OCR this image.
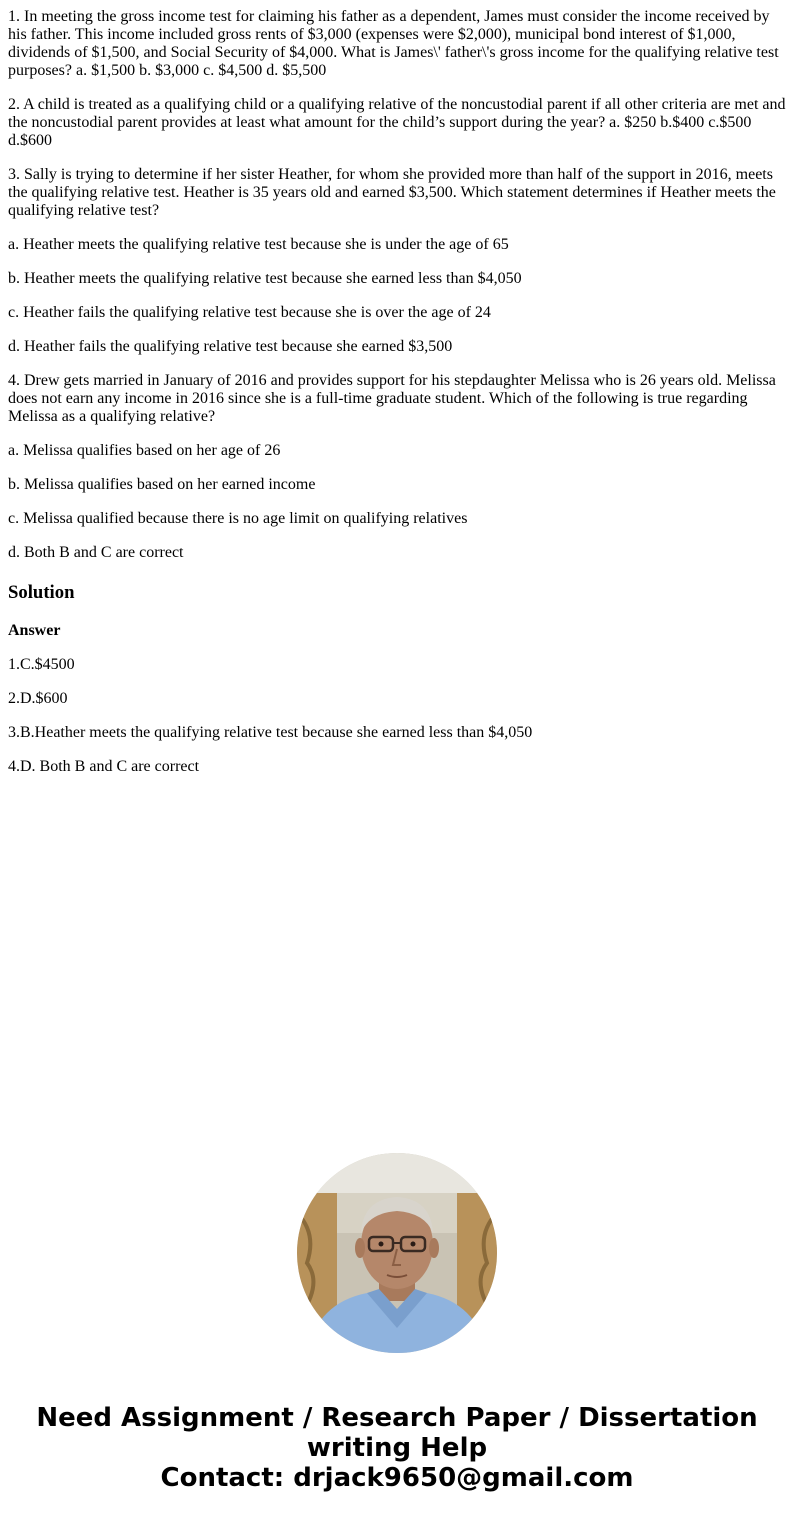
1. In meeting the gross income test for claiming his father as a dependent, James must consider the income received by his father. This income included gross rents of $3,000 (expenses were $2,000), municipal bond interest of $1,000, dividends of $1,500, and Social Security of $4,000. What is James\' father\'s gross income for the qualifying relative test purposes? a. $1,500 b. $3,000 c. $4,500 d. $5,500

2. A child is treated as a qualifying child or a qualifying relative of the noncustodial parent if all other criteria are met and the noncustodial parent provides at least what amount for the child’s support during the year? a. $250 b.$400 c.$500 d.$600

3. Sally is trying to determine if her sister Heather, for whom she provided more than half of the support in 2016, meets the qualifying relative test. Heather is 35 years old and earned $3,500. Which statement determines if Heather meets the qualifying relative test?

a. Heather meets the qualifying relative test because she is under the age of 65

b. Heather meets the qualifying relative test because she earned less than $4,050

c. Heather fails the qualifying relative test because she is over the age of 24

d. Heather fails the qualifying relative test because she earned $3,500

4. Drew gets married in January of 2016 and provides support for his stepdaughter Melissa who is 26 years old. Melissa does not earn any income in 2016 since she is a full-time graduate student. Which of the following is true regarding Melissa as a qualifying relative?

a. Melissa qualifies based on her age of 26

b. Melissa qualifies based on her earned income

c. Melissa qualified because there is no age limit on qualifying relatives

d. Both B and C are correct

Solution

Answer

1.C.$4500

2.D.$600

3.B.Heather meets the qualifying relative test because she earned less than $4,050

4.D. Both B and C are correct

Need Assignment / Research Paper / Dissertation
writing Help
Contact: drjack9650@gmail.com
